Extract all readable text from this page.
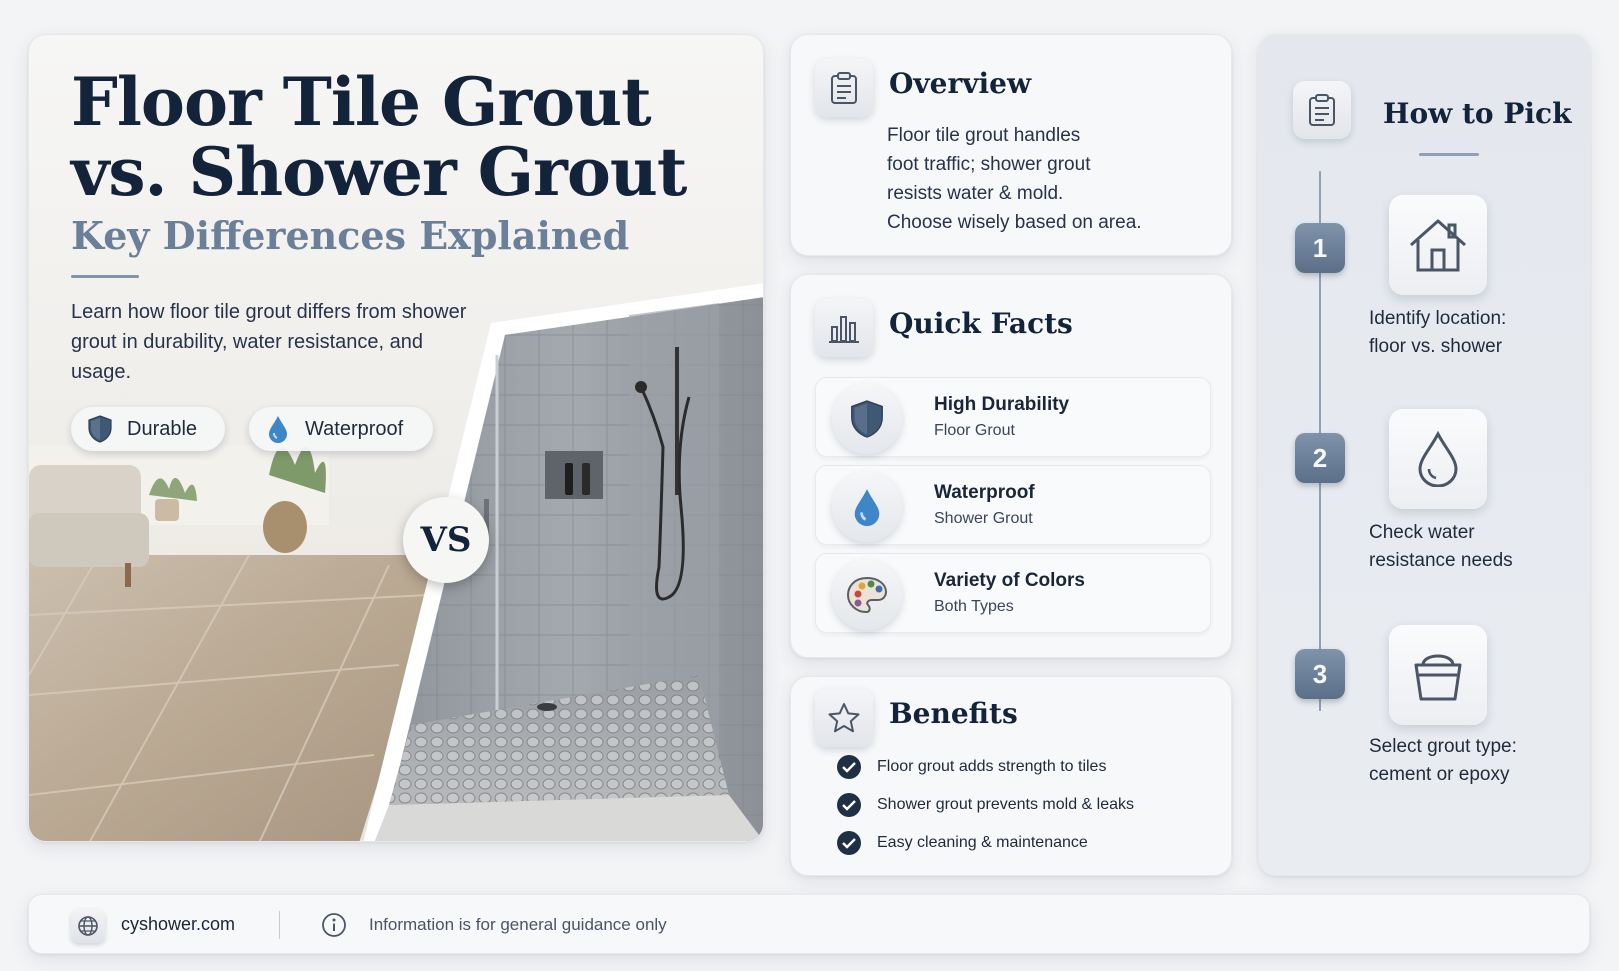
Floor Tile Grout
vs. Shower Grout
Key Differences Explained
Learn how floor tile grout differs from shower grout in durability, water resistance, and usage.
Durable	Waterproof
VS
Overview
Floor tile grout handles
foot traffic; shower grout
resists water & mold.
Choose wisely based on area.
Quick Facts
High Durability
Floor Grout
Waterproof
Shower Grout
Variety of Colors
Both Types
Benefits
Floor grout adds strength to tiles
Shower grout prevents mold & leaks
Easy cleaning & maintenance
How to Pick
1
Identify location:
floor vs. shower
2
Check water
resistance needs
3
Select grout type:
cement or epoxy
cyshower.com	Information is for general guidance only
